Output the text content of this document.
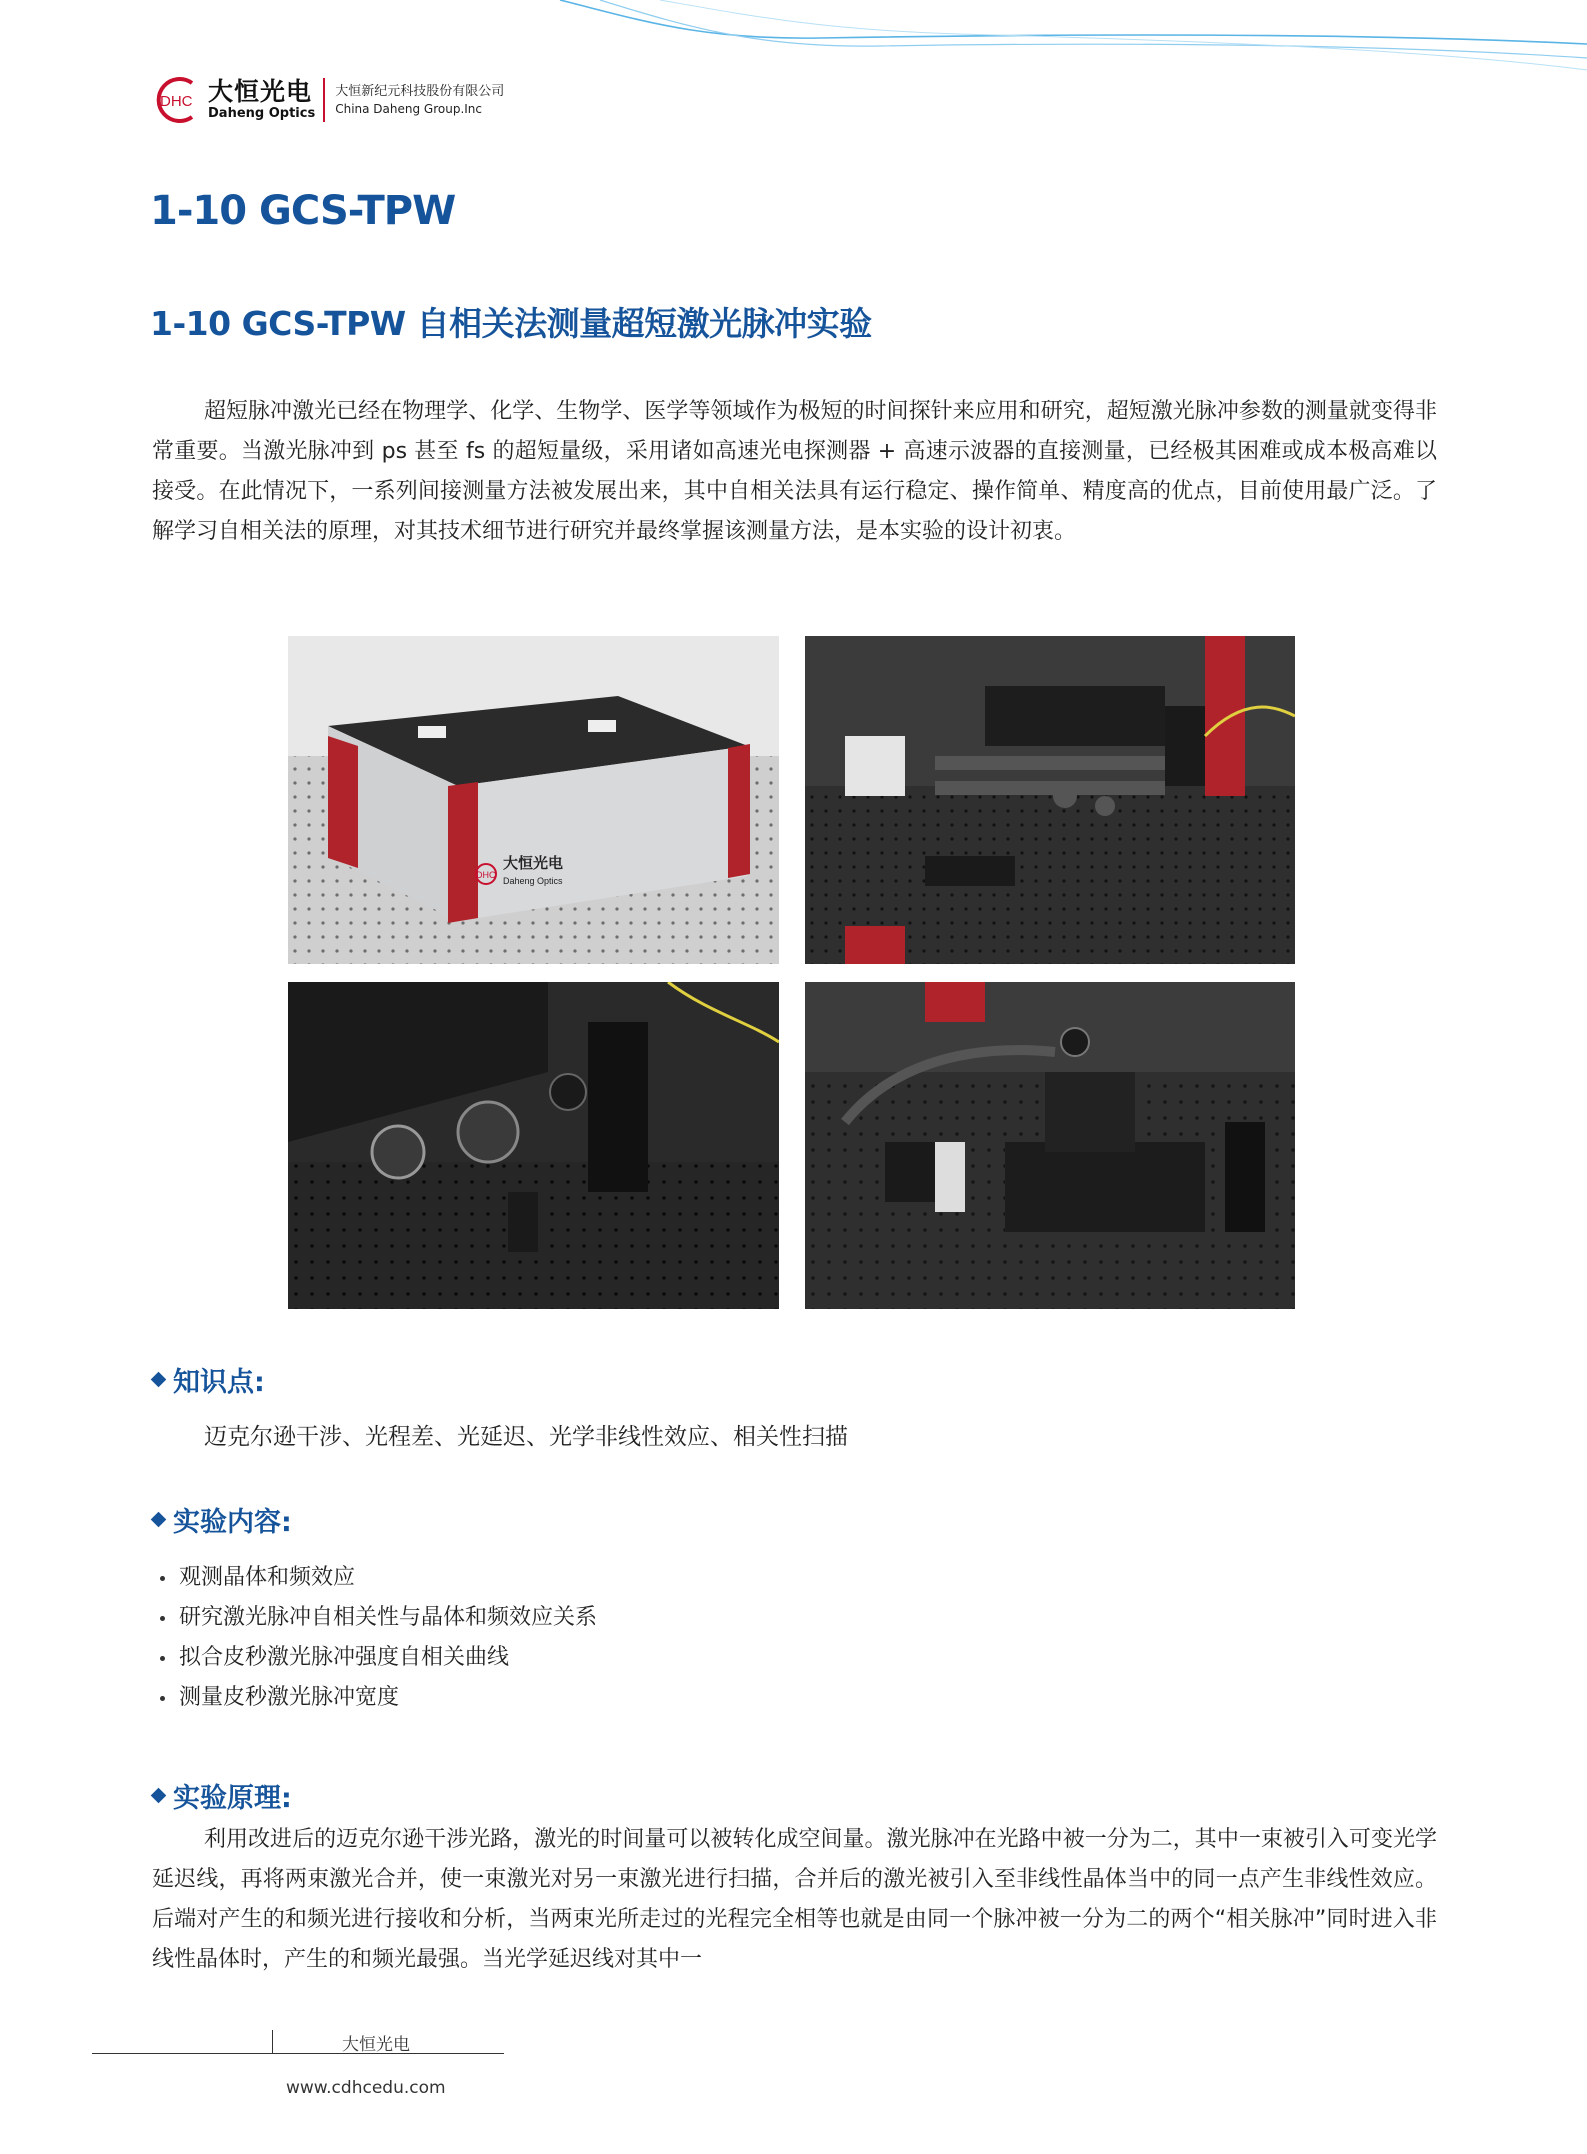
DHC 大恒光电
Daheng Optics
大恒新纪元科技股份有限公司
China Daheng Group.Inc
1-10 GCS-TPW
1-10 GCS-TPW 自相关法测量超短激光脉冲实验
超短脉冲激光已经在物理学、化学、生物学、医学等领域作为极短的时间探针来应用和研究，超短激光脉冲参数的测量就变得非常重要。当激光脉冲到 ps 甚至 fs 的超短量级，采用诸如高速光电探测器 + 高速示波器的直接测量，已经极其困难或成本极高难以接受。在此情况下，一系列间接测量方法被发展出来，其中自相关法具有运行稳定、操作简单、精度高的优点，目前使用最广泛。了解学习自相关法的原理，对其技术细节进行研究并最终掌握该测量方法，是本实验的设计初衷。
大恒光电
Daheng Optics
DHC
知识点:
迈克尔逊干涉、光程差、光延迟、光学非线性效应、相关性扫描
实验内容:
观测晶体和频效应
研究激光脉冲自相关性与晶体和频效应关系
拟合皮秒激光脉冲强度自相关曲线
测量皮秒激光脉冲宽度
实验原理:
利用改进后的迈克尔逊干涉光路，激光的时间量可以被转化成空间量。激光脉冲在光路中被一分为二，其中一束被引入可变光学延迟线，再将两束激光合并，使一束激光对另一束激光进行扫描，合并后的激光被引入至非线性晶体当中的同一点产生非线性效应。后端对产生的和频光进行接收和分析，当两束光所走过的光程完全相等也就是由同一个脉冲被一分为二的两个“相关脉冲”同时进入非线性晶体时，产生的和频光最强。当光学延迟线对其中一
大恒光电
www.cdhcedu.com
